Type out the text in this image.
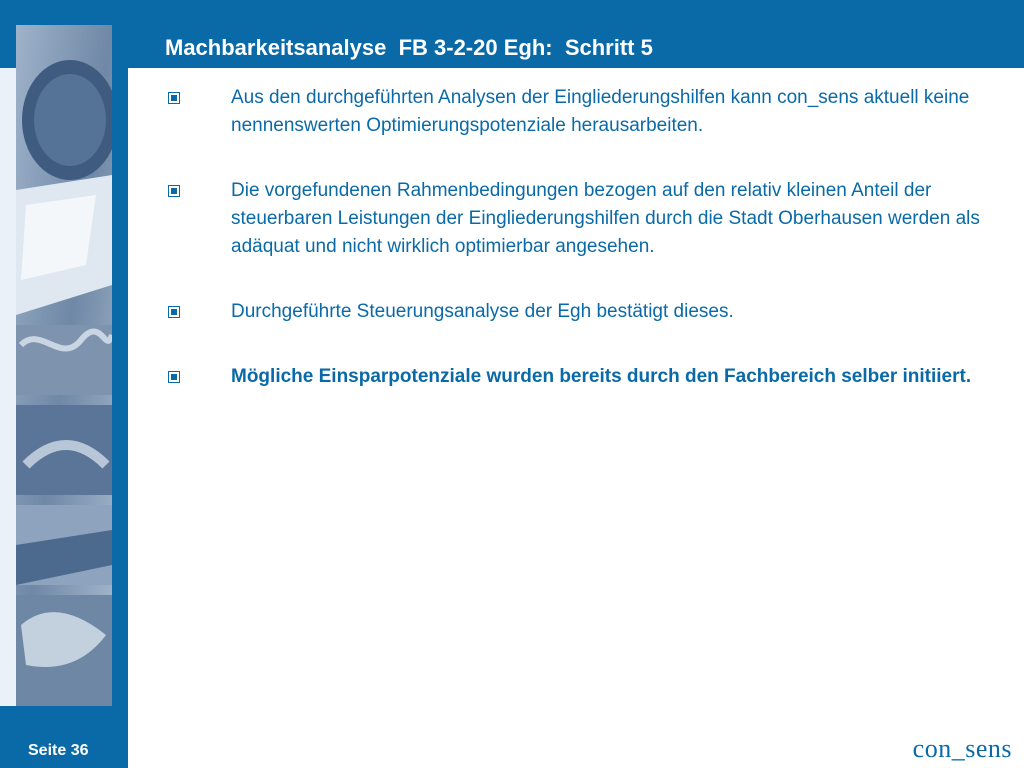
Machbarkeitsanalyse  FB 3-2-20 Egh:  Schritt 5
Einzelne Optimierungspotenziale
Aus den durchgeführten Analysen der Eingliederungshilfen kann con_sens aktuell keine nennenswerten Optimierungspotenziale herausarbeiten.
Die vorgefundenen Rahmenbedingungen bezogen auf den relativ kleinen Anteil der steuerbaren Leistungen der Eingliederungshilfen durch die Stadt Oberhausen werden als adäquat und nicht wirklich optimierbar angesehen.
Durchgeführte Steuerungsanalyse der Egh bestätigt dieses.
Mögliche Einsparpotenziale wurden bereits durch den Fachbereich selber initiiert.
Seite 36	con_sens
